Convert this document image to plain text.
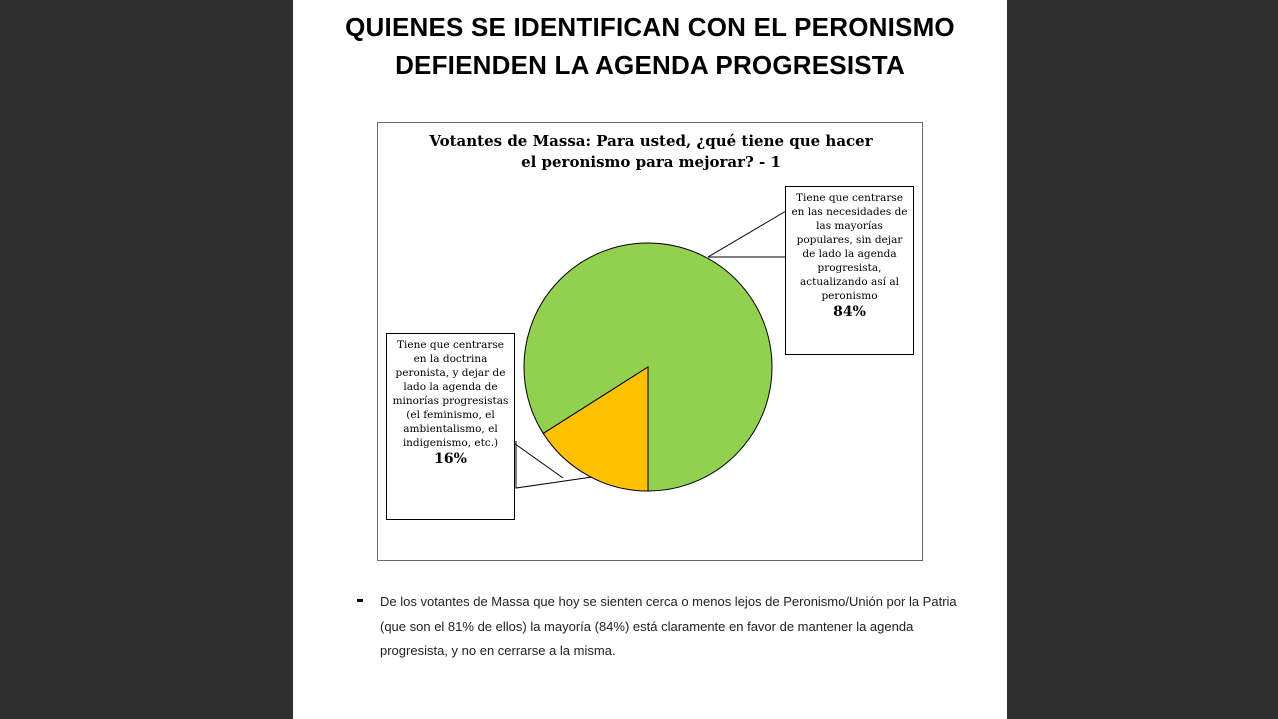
QUIENES SE IDENTIFICAN CON EL PERONISMO
DEFIENDEN LA AGENDA PROGRESISTA
Votantes de Massa: Para usted, ¿qué tiene que hacer
el peronismo para mejorar? - 1
Tiene que centrarse en las necesidades de las mayorías populares, sin dejar de lado la agenda progresista, actualizando así al peronismo
84%
Tiene que centrarse en la doctrina peronista, y dejar de lado la agenda de minorías progresistas (el feminismo, el ambientalismo, el indigenismo, etc.)
16%
De los votantes de Massa que hoy se sienten cerca o menos lejos de Peronismo/Unión por la Patria (que son el 81% de ellos) la mayoría (84%) está claramente en favor de mantener la agenda progresista, y no en cerrarse a la misma.
